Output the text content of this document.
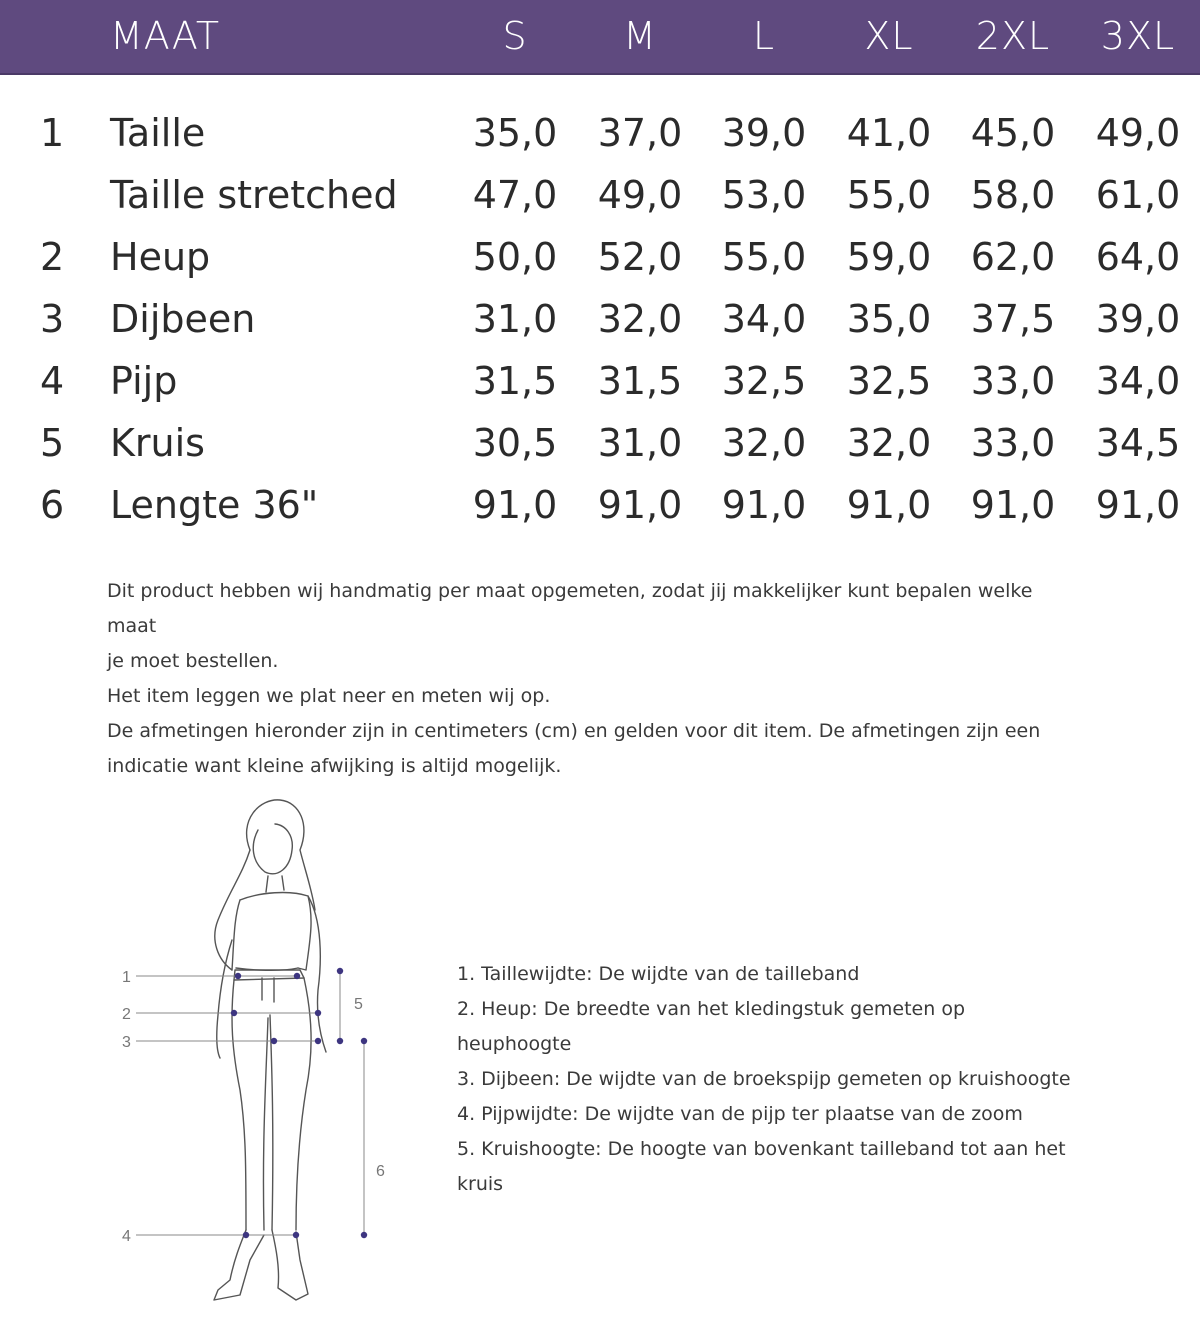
MAAT	S	M	L	XL	2XL	3XL
1 Taille	35,0	37,0	39,0	41,0	45,0	49,0
Taille stretched	47,0	49,0	53,0	55,0	58,0	61,0
2 Heup	50,0	52,0	55,0	59,0	62,0	64,0
3 Dijbeen	31,0	32,0	34,0	35,0	37,5	39,0
4 Pijp	31,5	31,5	32,5	32,5	33,0	34,0
5 Kruis	30,5	31,0	32,0	32,0	33,0	34,5
6 Lengte 36"	91,0	91,0	91,0	91,0	91,0	91,0

Dit product hebben wij handmatig per maat opgemeten, zodat jij makkelijker kunt bepalen welke maat

je moet bestellen.

Het item leggen we plat neer en meten wij op.

De afmetingen hieronder zijn in centimeters (cm) en gelden voor dit item. De afmetingen zijn een

indicatie want kleine afwijking is altijd mogelijk.

1
2
3
4
5
6

1. Taillewijdte: De wijdte van de tailleband

2. Heup: De breedte van het kledingstuk gemeten op

heuphoogte

3. Dijbeen: De wijdte van de broekspijp gemeten op kruishoogte

4. Pijpwijdte: De wijdte van de pijp ter plaatse van de zoom

5. Kruishoogte: De hoogte van bovenkant tailleband tot aan het

kruis
